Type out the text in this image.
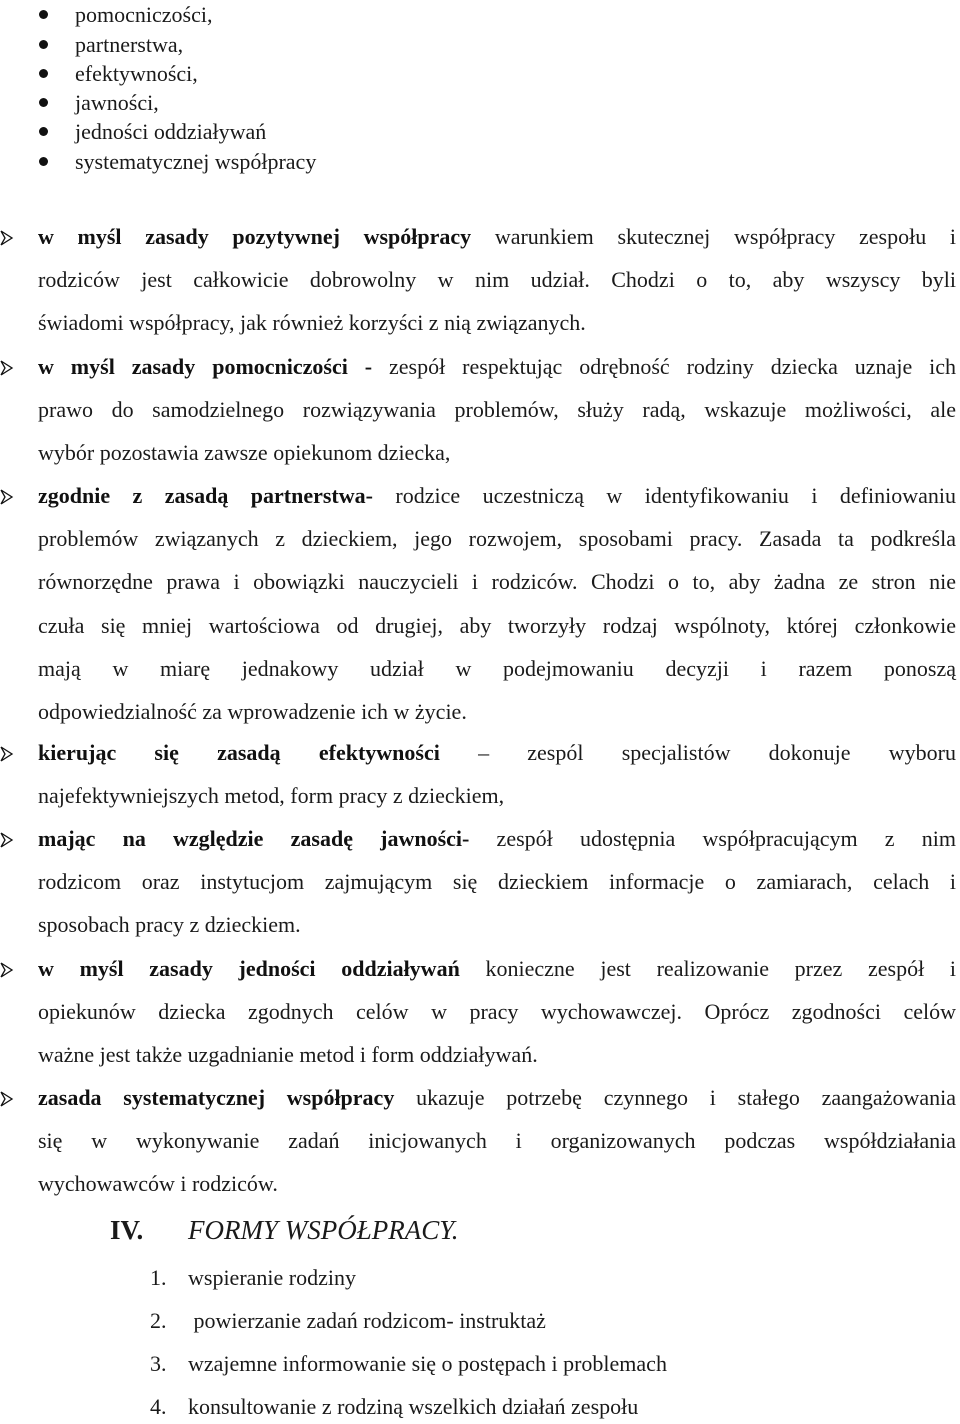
pomocniczości,
partnerstwa,
efektywności,
jawności,
jedności oddziaływań
systematycznej współpracy
w myśl zasady pozytywnej współpracy warunkiem skutecznej współpracy zespołu i
rodziców jest całkowicie dobrowolny w nim udział. Chodzi o to, aby wszyscy byli
świadomi współpracy, jak również korzyści z nią związanych.
w myśl zasady pomocniczości - zespół respektując odrębność rodziny dziecka uznaje ich
prawo do samodzielnego rozwiązywania problemów, służy radą, wskazuje możliwości, ale
wybór pozostawia zawsze opiekunom dziecka,
zgodnie z zasadą partnerstwa- rodzice uczestniczą w identyfikowaniu i definiowaniu
problemów związanych z dzieckiem, jego rozwojem, sposobami pracy. Zasada ta podkreśla
równorzędne prawa i obowiązki nauczycieli i rodziców. Chodzi o to, aby żadna ze stron nie
czuła się mniej wartościowa od drugiej, aby tworzyły rodzaj wspólnoty, której członkowie
mają w miarę jednakowy udział w podejmowaniu decyzji i razem ponoszą
odpowiedzialność za wprowadzenie ich w życie.
kierując się zasadą efektywności – zespól specjalistów dokonuje wyboru
najefektywniejszych metod, form pracy z dzieckiem,
mając na względzie zasadę jawności- zespół udostępnia współpracującym z nim
rodzicom oraz instytucjom zajmującym się dzieckiem informacje o zamiarach, celach i
sposobach pracy z dzieckiem.
w myśl zasady jedności oddziaływań konieczne jest realizowanie przez zespół i
opiekunów dziecka zgodnych celów w pracy wychowawczej. Oprócz zgodności celów
ważne jest także uzgadnianie metod i form oddziaływań.
zasada systematycznej współpracy ukazuje potrzebę czynnego i stałego zaangażowania
się w wykonywanie zadań inicjowanych i organizowanych podczas współdziałania
wychowawców i rodziców.
IV. FORMY WSPÓŁPRACY.
1. wspieranie rodziny
2. powierzanie zadań rodzicom- instruktaż
3. wzajemne informowanie się o postępach i problemach
4. konsultowanie z rodziną wszelkich działań zespołu
